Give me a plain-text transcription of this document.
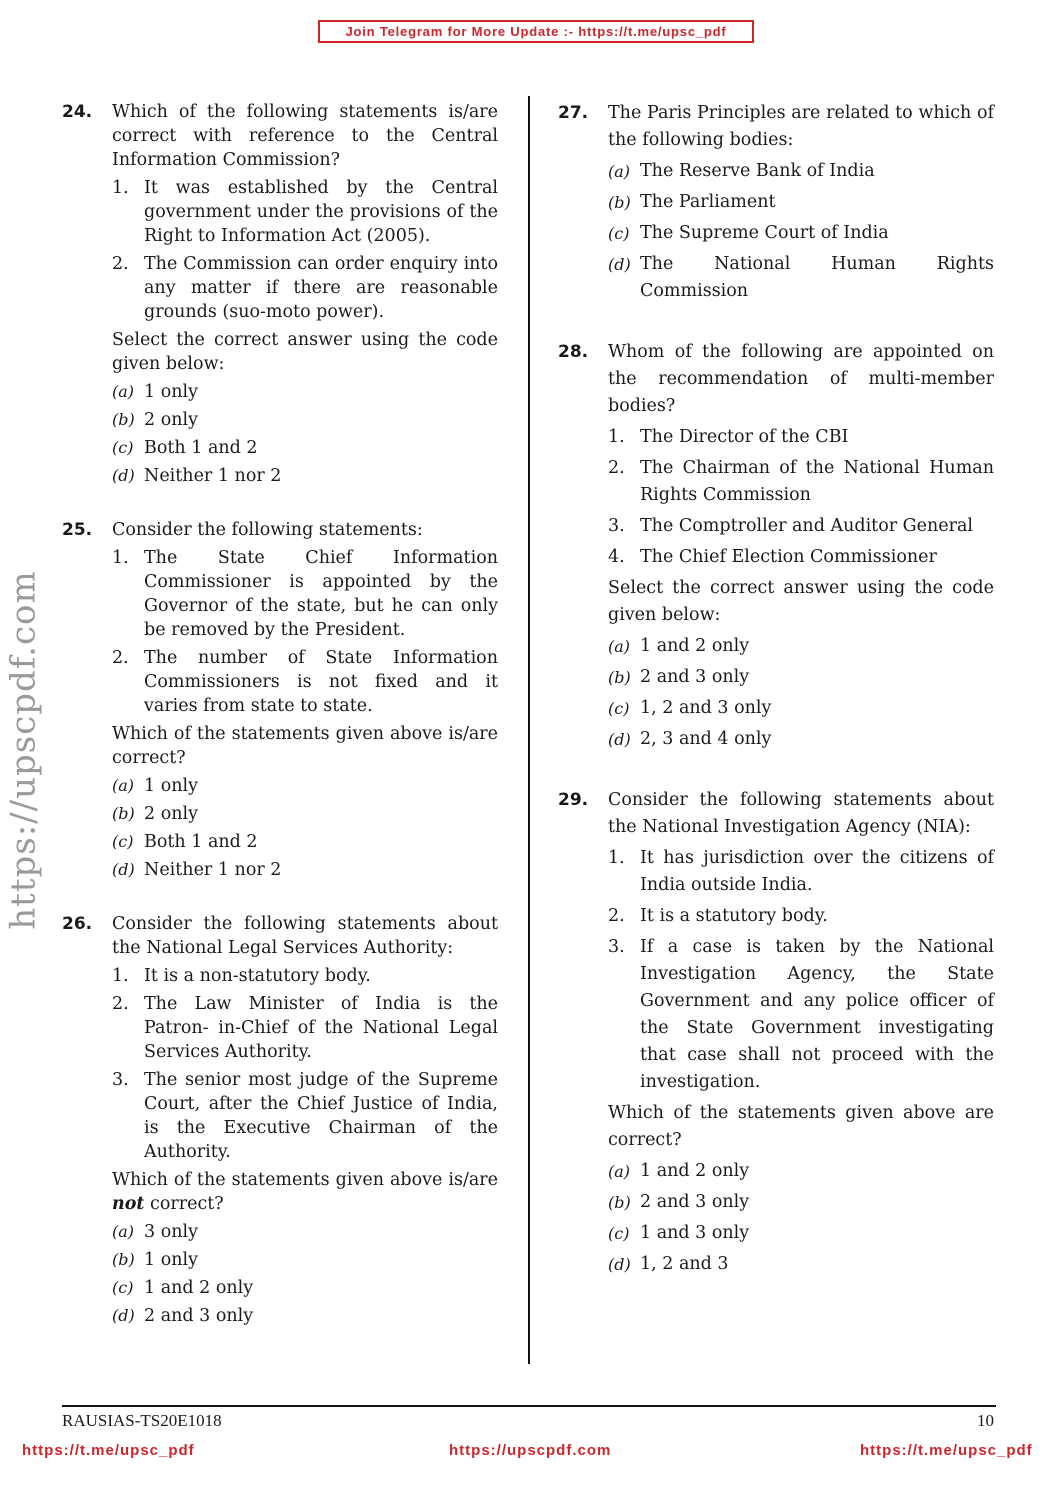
Join Telegram for More Update :- https://t.me/upsc_pdf
https://upscpdf.com
24. Which of the following statements is/are correct with reference to the Central Information Commission?
1. It was established by the Central government under the provisions of the Right to Information Act (2005).
2. The Commission can order enquiry into any matter if there are reasonable grounds (suo-moto power).
Select the correct answer using the code given below:
(a) 1 only
(b) 2 only
(c) Both 1 and 2
(d) Neither 1 nor 2
25. Consider the following statements:
1. The State Chief Information Commissioner is appointed by the Governor of the state, but he can only be removed by the President.
2. The number of State Information Commissioners is not fixed and it varies from state to state.
Which of the statements given above is/are correct?
(a) 1 only
(b) 2 only
(c) Both 1 and 2
(d) Neither 1 nor 2
26. Consider the following statements about the National Legal Services Authority:
1. It is a non-statutory body.
2. The Law Minister of India is the Patron- in-Chief of the National Legal Services Authority.
3. The senior most judge of the Supreme Court, after the Chief Justice of India, is the Executive Chairman of the Authority.
Which of the statements given above is/are not correct?
(a) 3 only
(b) 1 only
(c) 1 and 2 only
(d) 2 and 3 only
27. The Paris Principles are related to which of the following bodies:
(a) The Reserve Bank of India
(b) The Parliament
(c) The Supreme Court of India
(d) The National Human Rights Commission
28. Whom of the following are appointed on the recommendation of multi-member bodies?
1. The Director of the CBI
2. The Chairman of the National Human Rights Commission
3. The Comptroller and Auditor General
4. The Chief Election Commissioner
Select the correct answer using the code given below:
(a) 1 and 2 only
(b) 2 and 3 only
(c) 1, 2 and 3 only
(d) 2, 3 and 4 only
29. Consider the following statements about the National Investigation Agency (NIA):
1. It has jurisdiction over the citizens of India outside India.
2. It is a statutory body.
3. If a case is taken by the National Investigation Agency, the State Government and any police officer of the State Government investigating that case shall not proceed with the investigation.
Which of the statements given above are correct?
(a) 1 and 2 only
(b) 2 and 3 only
(c) 1 and 3 only
(d) 1, 2 and 3
RAUSIAS-TS20E1018	10
https://t.me/upsc_pdf	https://upscpdf.com	https://t.me/upsc_pdf
